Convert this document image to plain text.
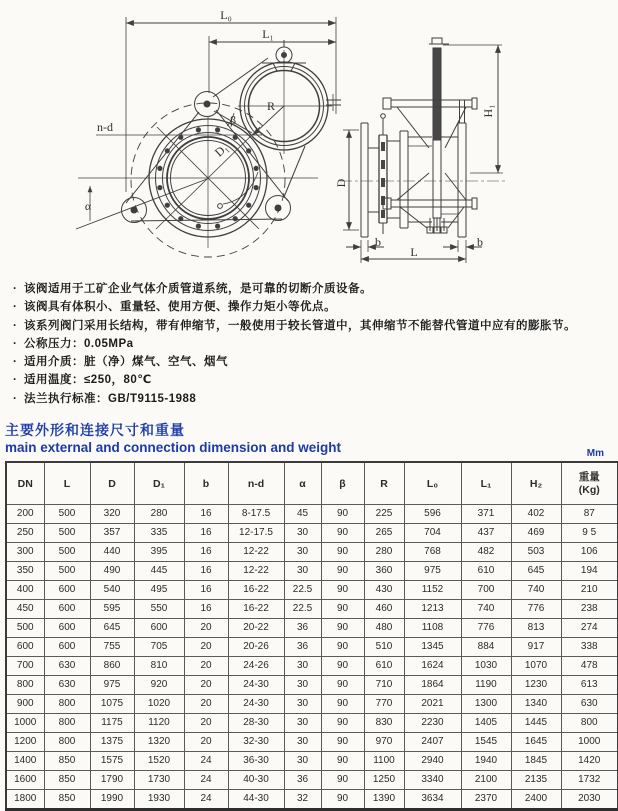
L₀
L₁
n-d	β
R
D₁
α
D
H₁
b	b
L
· 该阀适用于工矿企业气体介质管道系统，是可靠的切断介质设备。
· 该阀具有体积小、重量轻、使用方便、操作力矩小等优点。
· 该系列阀门采用长结构，带有伸缩节，一般使用于较长管道中，其伸缩节不能替代管道中应有的膨胀节。
· 公称压力：0.05MPa
· 适用介质：脏（净）煤气、空气、烟气
· 适用温度：≤250，80℃
· 法兰执行标准：GB/T9115-1988
主要外形和连接尺寸和重量
main external and connection dimension and weight	Mm
DN	L	D	D₁	b	n-d	α	β	R	L₀	L₁	H₂	重量
(Kg)

200	500	320	280	16	8-17.5	45	90	225	596	371	402	87
250	500	357	335	16	12-17.5	30	90	265	704	437	469	9 5
300	500	440	395	16	12-22	30	90	280	768	482	503	106
350	500	490	445	16	12-22	30	90	360	975	610	645	194
400	600	540	495	16	16-22	22.5	90	430	1152	700	740	210
450	600	595	550	16	16-22	22.5	90	460	1213	740	776	238
500	600	645	600	20	20-22	36	90	480	1108	776	813	274
600	600	755	705	20	20-26	36	90	510	1345	884	917	338
700	630	860	810	20	24-26	30	90	610	1624	1030	1070	478
800	630	975	920	20	24-30	30	90	710	1864	1190	1230	613
900	800	1075	1020	20	24-30	30	90	770	2021	1300	1340	630
1000	800	1175	1120	20	28-30	30	90	830	2230	1405	1445	800
1200	800	1375	1320	20	32-30	30	90	970	2407	1545	1645	1000
1400	850	1575	1520	24	36-30	30	90	1100	2940	1940	1845	1420
1600	850	1790	1730	24	40-30	36	90	1250	3340	2100	2135	1732
1800	850	1990	1930	24	44-30	32	90	1390	3634	2370	2400	2030
